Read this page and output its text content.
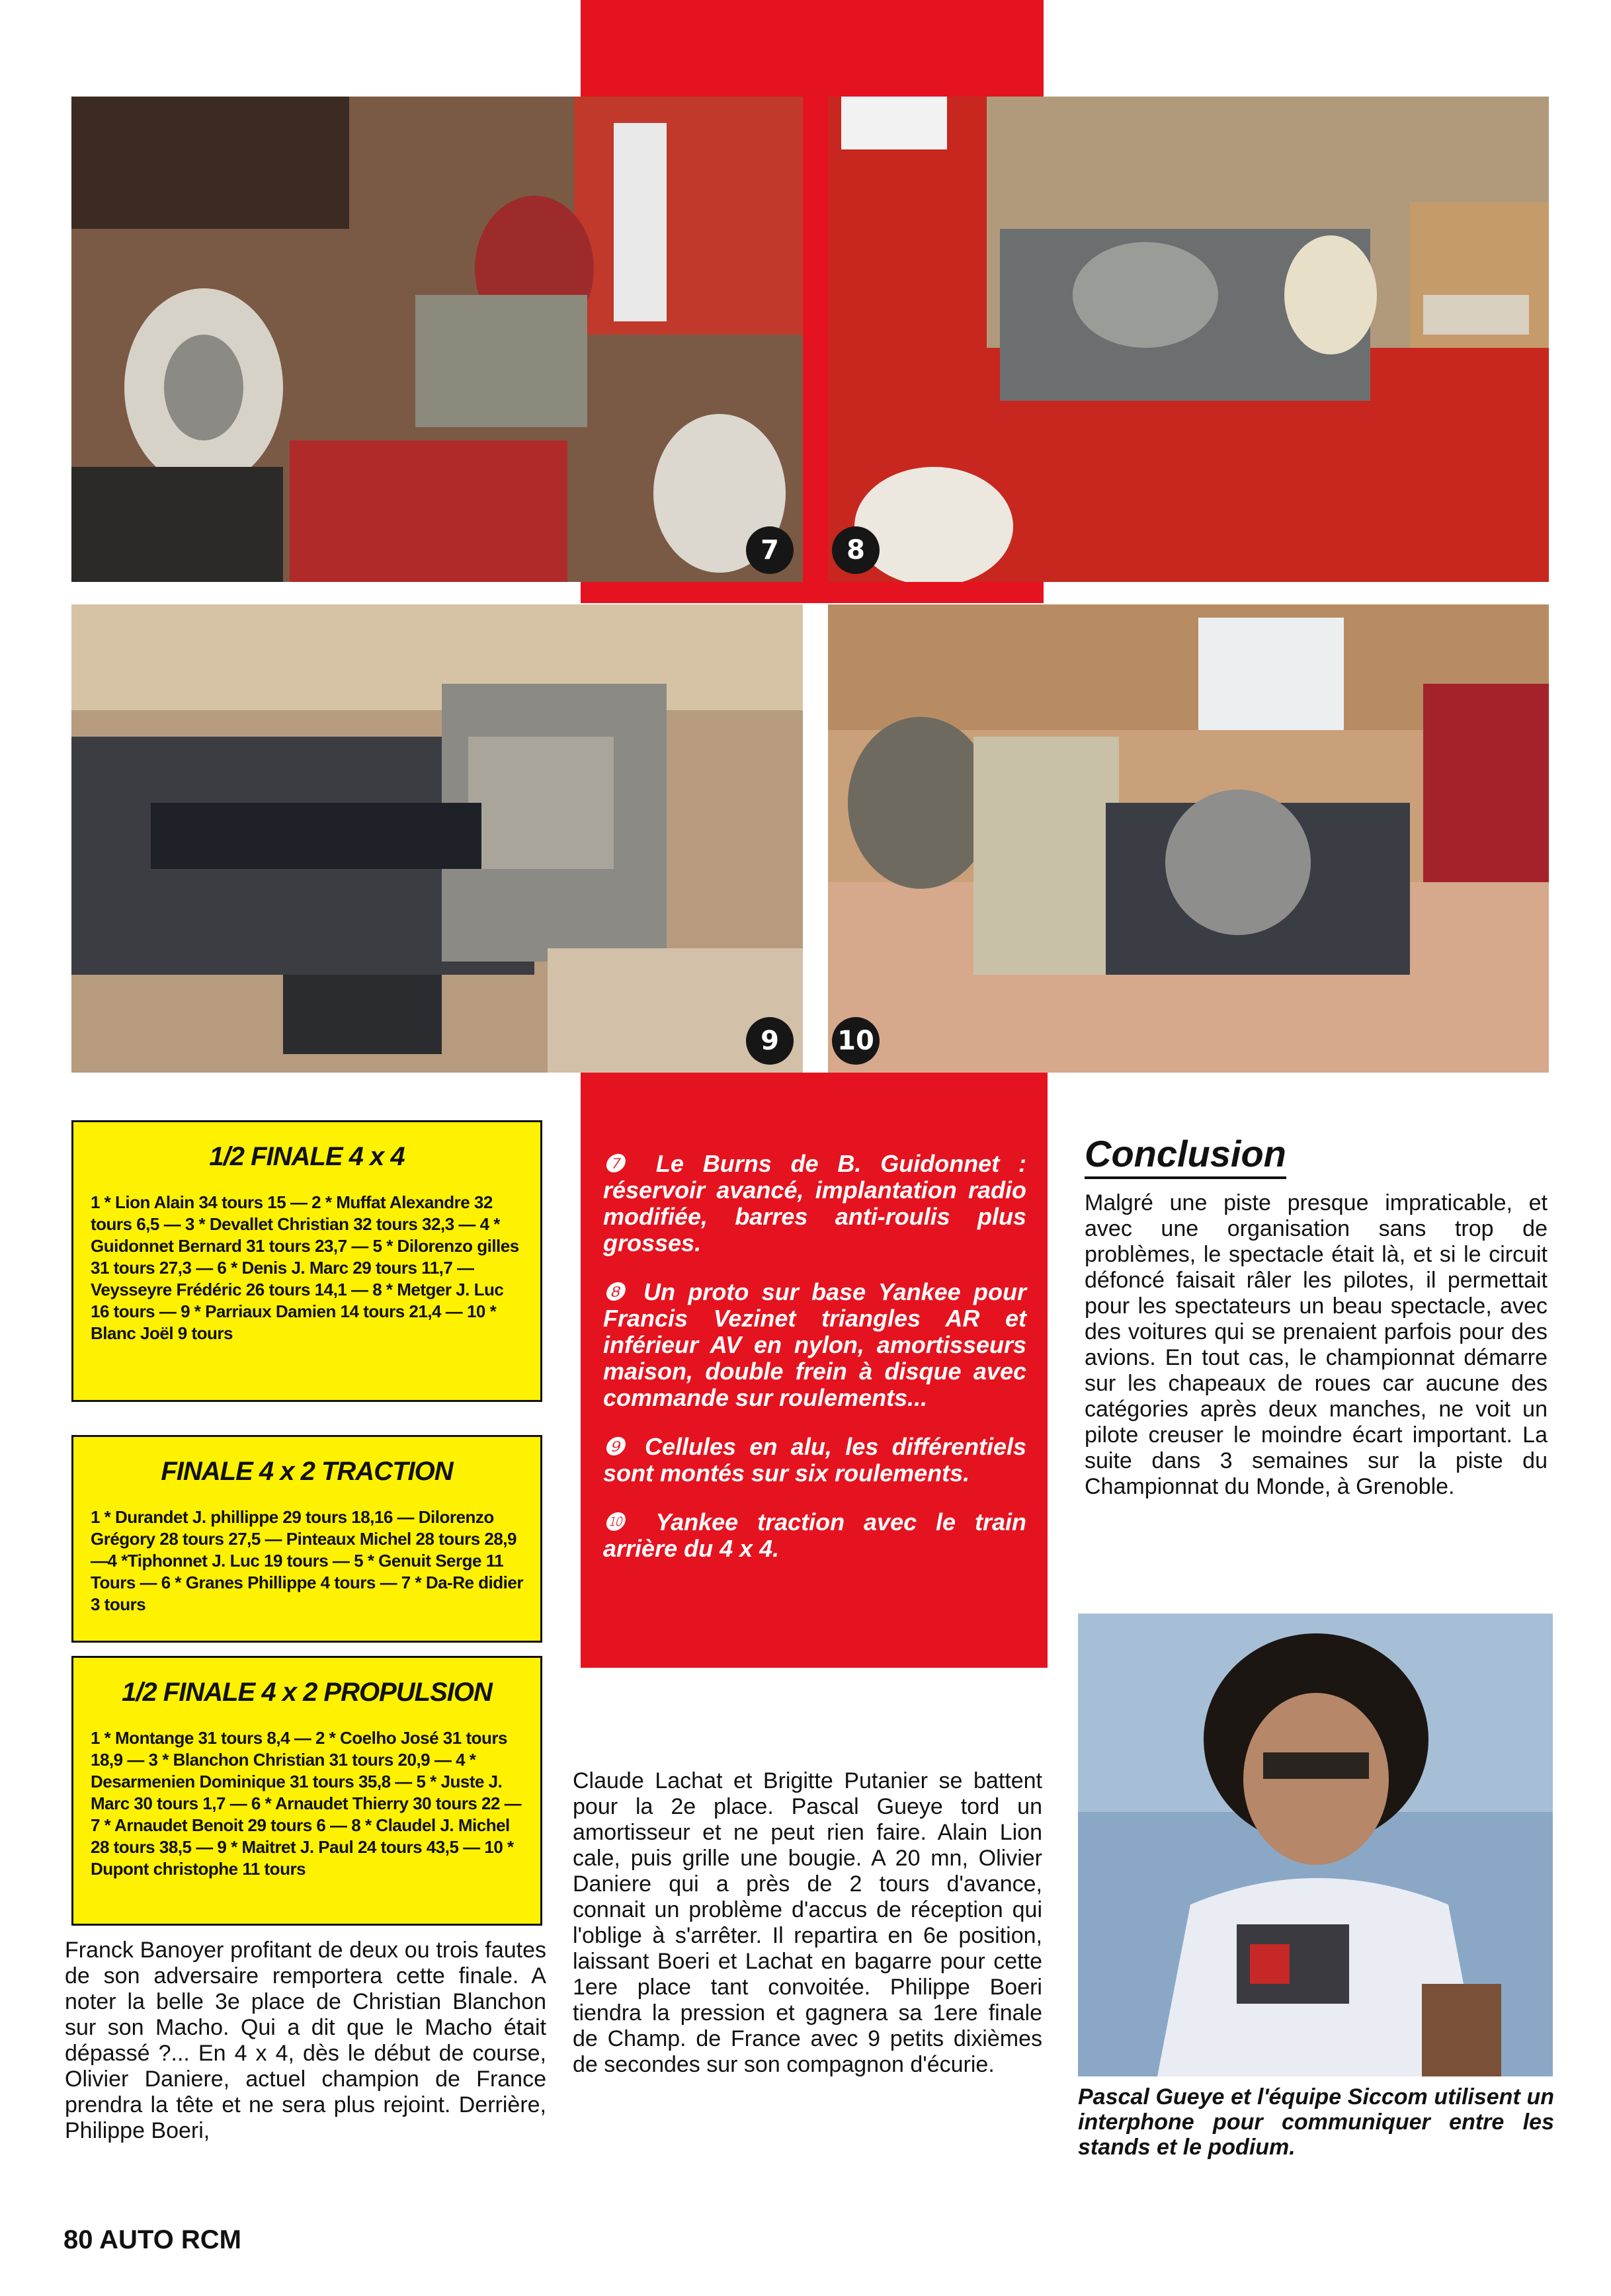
7	8
9	10
1/2 FINALE 4 x 4
1 * Lion Alain 34 tours 15 — 2 * Muffat Alexandre 32 tours 6,5 — 3 * Devallet Christian 32 tours 32,3 — 4 * Guidonnet Bernard 31 tours 23,7 — 5 * Dilorenzo gilles 31 tours 27,3 — 6 * Denis J. Marc 29 tours 11,7 — Veysseyre Frédéric 26 tours 14,1 — 8 * Metger J. Luc 16 tours — 9 * Parriaux Damien 14 tours 21,4 — 10 * Blanc Joël 9 tours
FINALE 4 x 2 TRACTION
1 * Durandet J. phillippe 29 tours 18,16 — Dilorenzo Grégory 28 tours 27,5 — Pinteaux Michel 28 tours 28,9 —4 *Tiphonnet J. Luc 19 tours — 5 * Genuit Serge 11 Tours — 6 * Granes Phillippe 4 tours — 7 * Da-Re didier 3 tours
1/2 FINALE 4 x 2 PROPULSION
1 * Montange 31 tours 8,4 — 2 * Coelho José 31 tours 18,9 — 3 * Blanchon Christian 31 tours 20,9 — 4 * Desarmenien Dominique 31 tours 35,8 — 5 * Juste J. Marc 30 tours 1,7 — 6 * Arnaudet Thierry 30 tours 22 — 7 * Arnaudet Benoit 29 tours 6 — 8 * Claudel J. Michel 28 tours 38,5 — 9 * Maitret J. Paul 24 tours 43,5 — 10 * Dupont christophe 11 tours

❼ Le Burns de B. Guidonnet : réservoir avancé, implantation radio modifiée, barres anti-roulis plus grosses.

❽ Un proto sur base Yankee pour Francis Vezinet triangles AR et inférieur AV en nylon, amortisseurs maison, double frein à disque avec commande sur roulements...

❾ Cellules en alu, les différentiels sont montés sur six roulements.

❿ Yankee traction avec le train arrière du 4 x 4.

Franck Banoyer profitant de deux ou trois fautes de son adversaire remportera cette finale. A noter la belle 3e place de Christian Blanchon sur son Macho. Qui a dit que le Macho était dépassé ?... En 4 x 4, dès le début de course, Olivier Daniere, actuel champion de France prendra la tête et ne sera plus rejoint. Derrière, Philippe Boeri,

Claude Lachat et Brigitte Putanier se battent pour la 2e place. Pascal Gueye tord un amortisseur et ne peut rien faire. Alain Lion cale, puis grille une bougie. A 20 mn, Olivier Daniere qui a près de 2 tours d'avance, connait un problème d'accus de réception qui l'oblige à s'arrêter. Il repartira en 6e position, laissant Boeri et Lachat en bagarre pour cette 1ere place tant convoitée. Philippe Boeri tiendra la pression et gagnera sa 1ere finale de Champ. de France avec 9 petits dixièmes de secondes sur son compagnon d'écurie.

Conclusion

Malgré une piste presque impraticable, et avec une organisation sans trop de problèmes, le spectacle était là, et si le circuit défoncé faisait râler les pilotes, il permettait pour les spectateurs un beau spectacle, avec des voitures qui se prenaient parfois pour des avions. En tout cas, le championnat démarre sur les chapeaux de roues car aucune des catégories après deux manches, ne voit un pilote creuser le moindre écart important. La suite dans 3 semaines sur la piste du Championnat du Monde, à Grenoble.

Pascal Gueye et l'équipe Siccom utilisent un interphone pour communiquer entre les stands et le podium.
80 AUTO RCM
